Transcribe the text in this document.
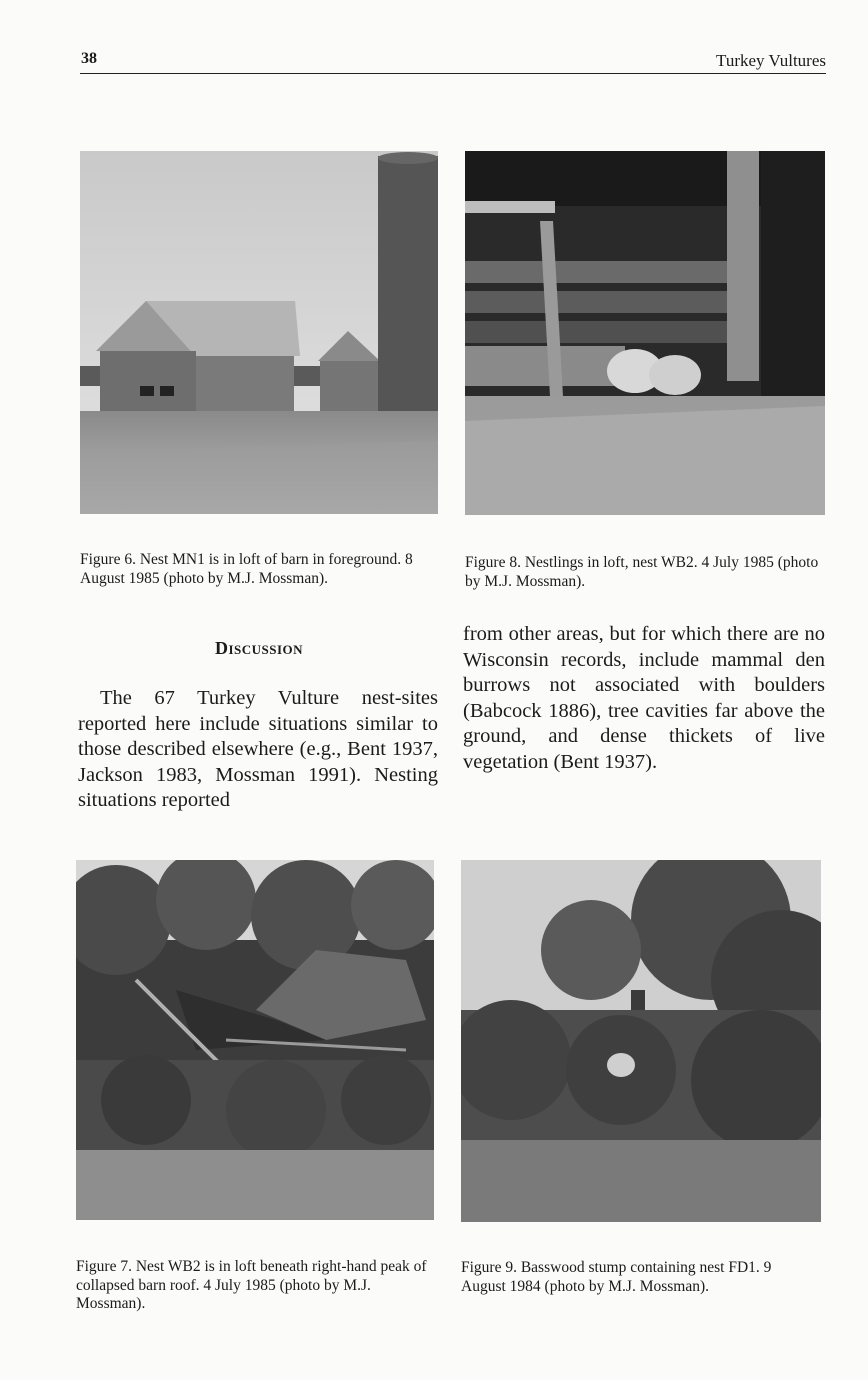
38	Turkey Vultures
Figure 6. Nest MN1 is in loft of barn in foreground. 8 August 1985 (photo by M.J. Mossman).
Figure 8. Nestlings in loft, nest WB2. 4 July 1985 (photo by M.J. Mossman).
Discussion

The 67 Turkey Vulture nest-sites reported here include situations similar to those described elsewhere (e.g., Bent 1937, Jackson 1983, Mossman 1991). Nesting situations reported

from other areas, but for which there are no Wisconsin records, include mammal den burrows not associated with boulders (Babcock 1886), tree cavities far above the ground, and dense thickets of live vegetation (Bent 1937).

Figure 7. Nest WB2 is in loft beneath right-hand peak of collapsed barn roof. 4 July 1985 (photo by M.J. Mossman).
Figure 9. Basswood stump containing nest FD1. 9 August 1984 (photo by M.J. Mossman).
